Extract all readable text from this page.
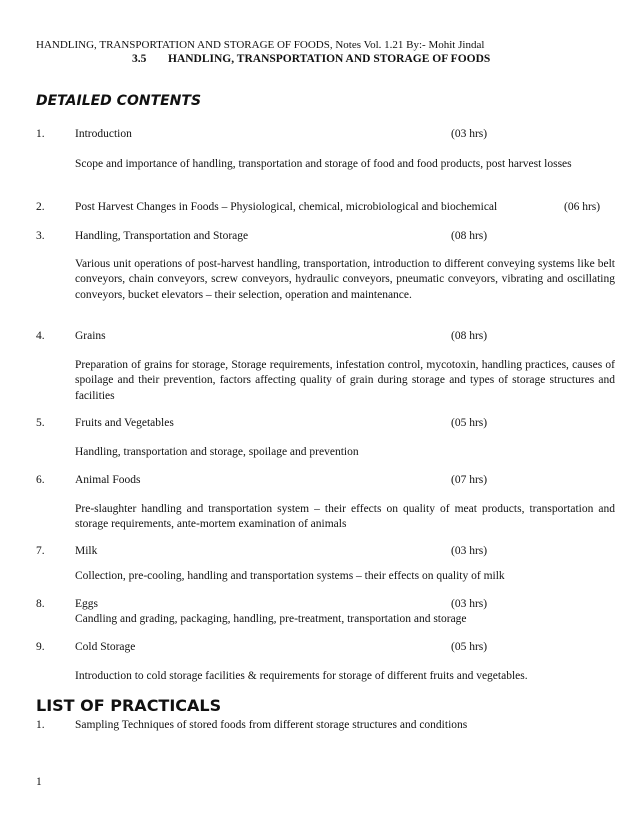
HANDLING, TRANSPORTATION AND STORAGE OF FOODS, Notes Vol. 1.21 By:- Mohit Jindal
3.5 HANDLING, TRANSPORTATION AND STORAGE OF FOODS
DETAILED CONTENTS
1.	Introduction	(03 hrs)
Scope and importance of handling, transportation and storage of food and food products, post harvest losses
2.	Post Harvest Changes in Foods – Physiological, chemical, microbiological and biochemical	(06 hrs)
3.	Handling, Transportation and Storage	(08 hrs)
Various unit operations of post-harvest handling, transportation, introduction to different conveying systems like belt conveyors, chain conveyors, screw conveyors, hydraulic conveyors, pneumatic conveyors, vibrating and oscillating conveyors, bucket elevators – their selection, operation and maintenance.
4.	Grains	(08 hrs)
Preparation of grains for storage, Storage requirements, infestation control, mycotoxin, handling practices, causes of spoilage and their prevention, factors affecting quality of grain during storage and types of storage structures and facilities
5.	Fruits and Vegetables	(05 hrs)
Handling, transportation and storage, spoilage and prevention
6.	Animal Foods	(07 hrs)
Pre-slaughter handling and transportation system – their effects on quality of meat products, transportation and storage requirements, ante-mortem examination of animals
7.	Milk	(03 hrs)
Collection, pre-cooling, handling and transportation systems – their effects on quality of milk
8.	Eggs	(03 hrs)
Candling and grading, packaging, handling, pre-treatment, transportation and storage
9.	Cold Storage	(05 hrs)
Introduction to cold storage facilities & requirements for storage of different fruits and vegetables.
LIST OF PRACTICALS
1.	Sampling Techniques of stored foods from different storage structures and conditions
1
